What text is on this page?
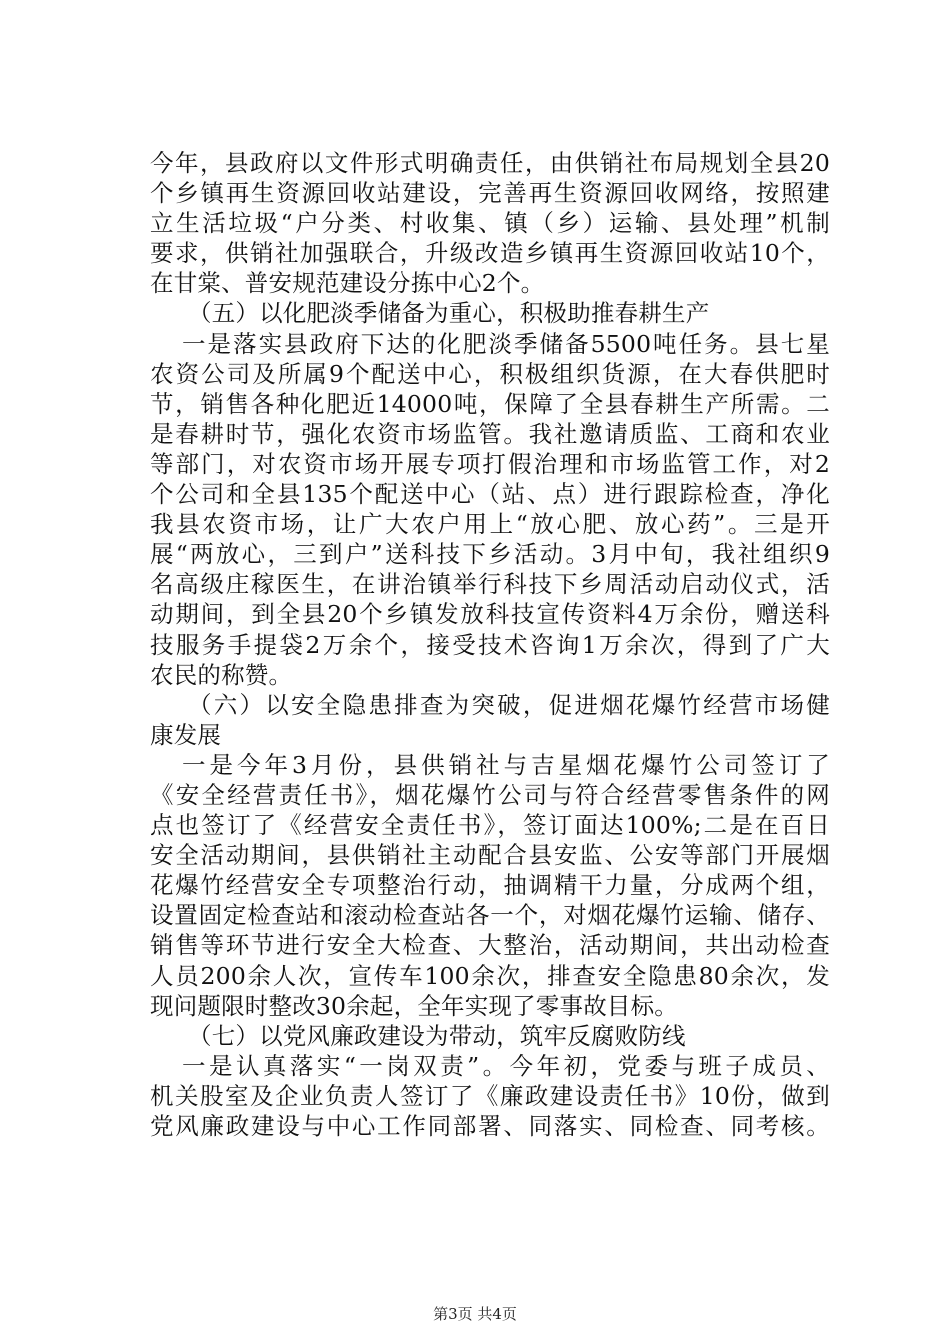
今年，县政府以文件形式明确责任，由供销社布局规划全县20
个乡镇再生资源回收站建设，完善再生资源回收网络，按照建
立生活垃圾“户分类、村收集、镇（乡）运输、县处理”机制
要求，供销社加强联合，升级改造乡镇再生资源回收站10个，
在甘棠、普安规范建设分拣中心2个。
（五）以化肥淡季储备为重心，积极助推春耕生产
一是落实县政府下达的化肥淡季储备5500吨任务。县七星
农资公司及所属9个配送中心，积极组织货源，在大春供肥时
节，销售各种化肥近14000吨，保障了全县春耕生产所需。二
是春耕时节，强化农资市场监管。我社邀请质监、工商和农业
等部门，对农资市场开展专项打假治理和市场监管工作，对2
个公司和全县135个配送中心（站、点）进行跟踪检查，净化
我县农资市场，让广大农户用上“放心肥、放心药”。三是开
展“两放心，三到户”送科技下乡活动。3月中旬，我社组织9
名高级庄稼医生，在讲治镇举行科技下乡周活动启动仪式，活
动期间，到全县20个乡镇发放科技宣传资料4万余份，赠送科
技服务手提袋2万余个，接受技术咨询1万余次，得到了广大
农民的称赞。
（六）以安全隐患排查为突破，促进烟花爆竹经营市场健
康发展
一是今年3月份，县供销社与吉星烟花爆竹公司签订了
《安全经营责任书》，烟花爆竹公司与符合经营零售条件的网
点也签订了《经营安全责任书》，签订面达100%;二是在百日
安全活动期间，县供销社主动配合县安监、公安等部门开展烟
花爆竹经营安全专项整治行动，抽调精干力量，分成两个组，
设置固定检查站和滚动检查站各一个，对烟花爆竹运输、储存、
销售等环节进行安全大检查、大整治，活动期间，共出动检查
人员200余人次，宣传车100余次，排查安全隐患80余次，发
现问题限时整改30余起，全年实现了零事故目标。
（七）以党风廉政建设为带动，筑牢反腐败防线
一是认真落实“一岗双责”。今年初，党委与班子成员、
机关股室及企业负责人签订了《廉政建设责任书》10份，做到
党风廉政建设与中心工作同部署、同落实、同检查、同考核。
第3页 共4页
